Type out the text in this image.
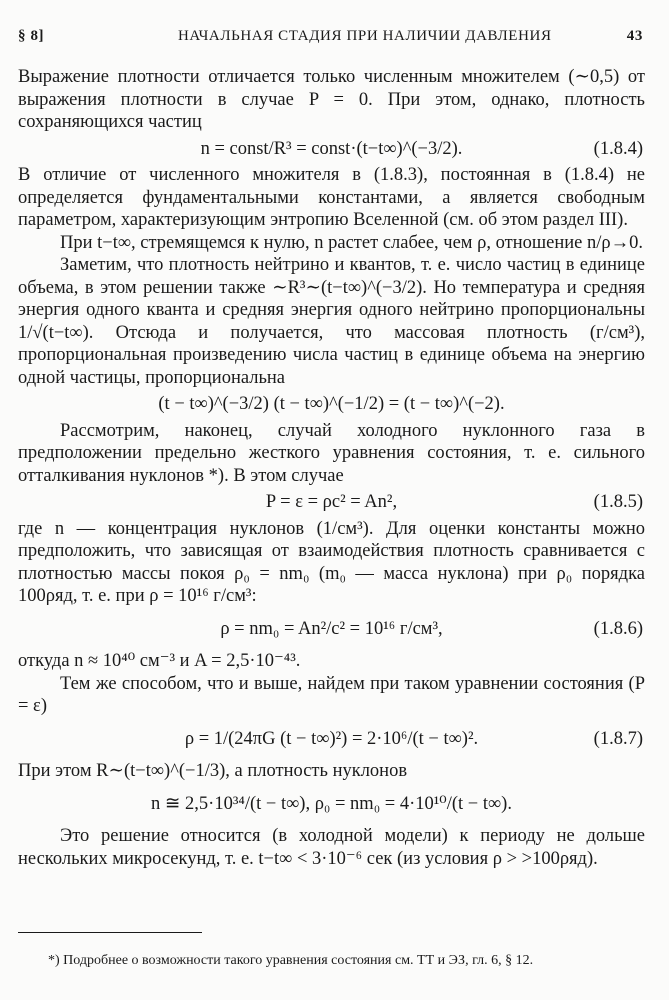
§ 8]	НАЧАЛЬНАЯ СТАДИЯ ПРИ НАЛИЧИИ ДАВЛЕНИЯ	43

Выражение плотности отличается только численным множителем (∼0,5) от выражения плотности в случае P = 0. При этом, однако, плотность сохраняющихся частиц

n = const/R³ = const·(t−t∞)^(−3/2).	(1.8.4)

В отличие от численного множителя в (1.8.3), постоянная в (1.8.4) не определяется фундаментальными константами, а является свободным параметром, характеризующим энтропию Вселенной (см. об этом раздел III).

При t−t∞, стремящемся к нулю, n растет слабее, чем ρ, отношение n/ρ→0.

Заметим, что плотность нейтрино и квантов, т. е. число частиц в единице объема, в этом решении также ∼R³∼(t−t∞)^(−3/2). Но температура и средняя энергия одного кванта и средняя энергия одного нейтрино пропорциональны 1/√(t−t∞). Отсюда и получается, что массовая плотность (г/см³), пропорциональная произведению числа частиц в единице объема на энергию одной частицы, пропорциональна

(t − t∞)^(−3/2) (t − t∞)^(−1/2) = (t − t∞)^(−2).

Рассмотрим, наконец, случай холодного нуклонного газа в предположении предельно жесткого уравнения состояния, т. е. сильного отталкивания нуклонов *). В этом случае

P = ε = ρc² = An²,	(1.8.5)

где n — концентрация нуклонов (1/см³). Для оценки константы можно предположить, что зависящая от взаимодействия плотность сравнивается с плотностью массы покоя ρ₀ = nm₀ (m₀ — масса нуклона) при ρ₀ порядка 100ρяд, т. е. при ρ = 10¹⁶ г/см³:

ρ = nm₀ = An²/c² = 10¹⁶ г/см³,	(1.8.6)

откуда n ≈ 10⁴⁰ см⁻³ и A = 2,5·10⁻⁴³.

Тем же способом, что и выше, найдем при таком уравнении состояния (P = ε)

ρ = 1/(24πG (t − t∞)²) = 2·10⁶/(t − t∞)².	(1.8.7)

При этом R∼(t−t∞)^(−1/3), а плотность нуклонов

n ≅ 2,5·10³⁴/(t − t∞), ρ₀ = nm₀ = 4·10¹⁰/(t − t∞).

Это решение относится (в холодной модели) к периоду не дольше нескольких микросекунд, т. е. t−t∞ < 3·10⁻⁶ сек (из условия ρ > >100ρяд).

*) Подробнее о возможности такого уравнения состояния см. ТТ и ЭЗ, гл. 6, § 12.
